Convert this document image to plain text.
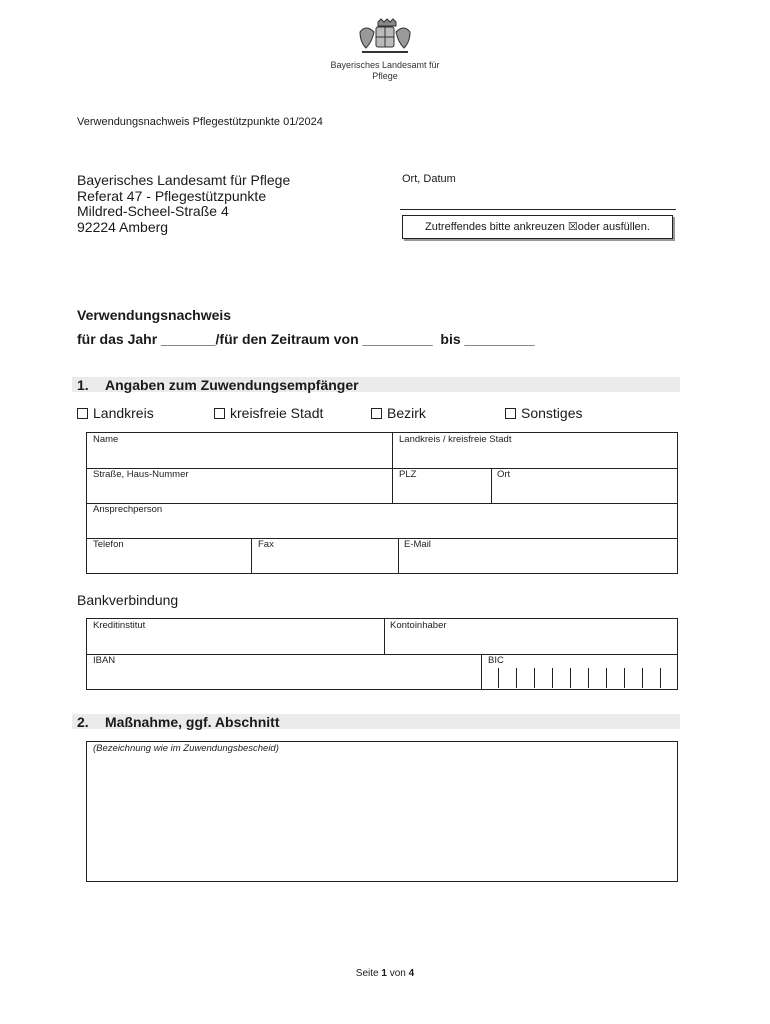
Bayerisches Landesamt für
Pflege
Verwendungsnachweis Pflegestützpunkte 01/2024
Bayerisches Landesamt für Pflege
Referat 47 - Pflegestützpunkte
Mildred-Scheel-Straße 4
92224 Amberg
Ort, Datum
Zutreffendes bitte ankreuzen ☒oder ausfüllen.
Verwendungsnachweis
für das Jahr _______/für den Zeitraum von _________  bis _________
1. Angaben zum Zuwendungsempfänger
Landkreis	kreisfreie Stadt	Bezirk	Sonstiges
Name	Landkreis / kreisfreie Stadt
Straße, Haus-Nummer	PLZ	Ort
Ansprechperson
Telefon	Fax	E-Mail
Bankverbindung
Kreditinstitut	Kontoinhaber
IBAN	BIC
2. Maßnahme, ggf. Abschnitt
(Bezeichnung wie im Zuwendungsbescheid)
Seite 1 von 4
